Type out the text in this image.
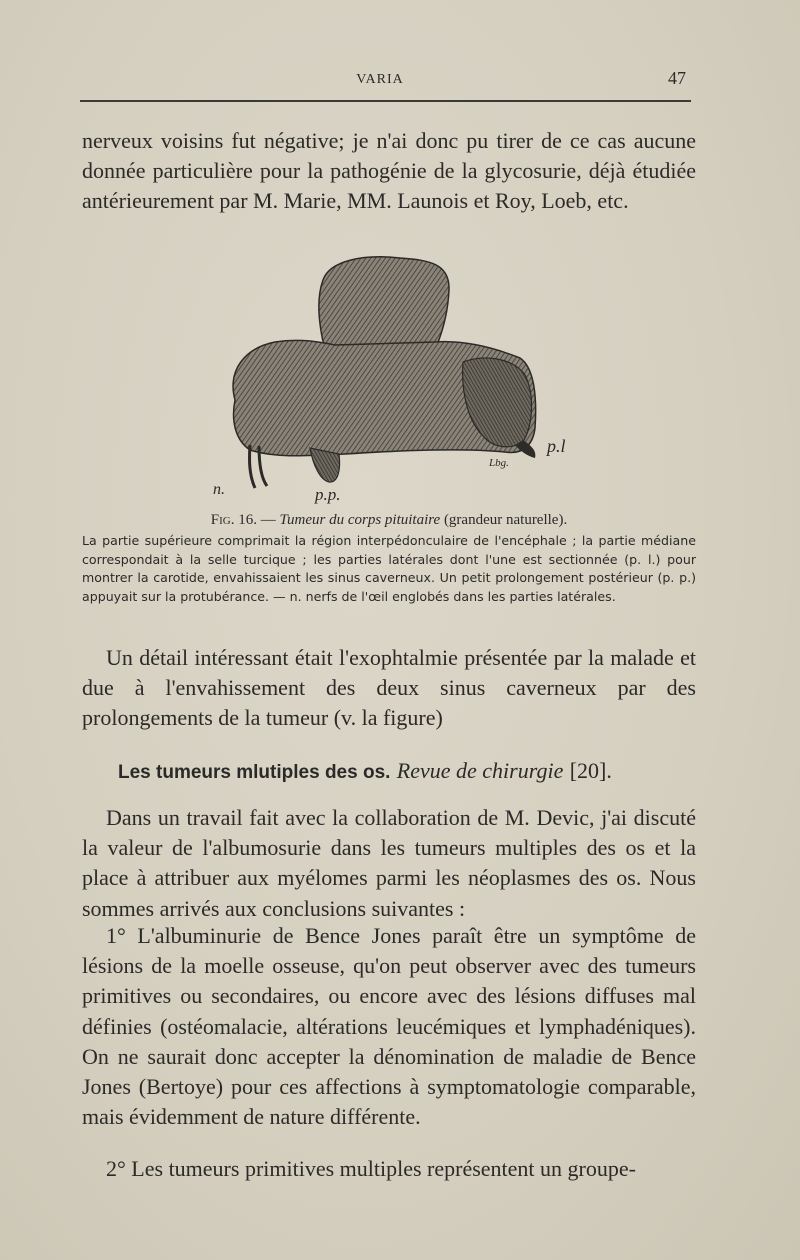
VARIA	47

nerveux voisins fut négative; je n'ai donc pu tirer de ce cas aucune donnée particulière pour la pathogénie de la glycosurie, déjà étudiée antérieurement par M. Marie, MM. Launois et Roy, Loeb, etc.

p.l
p.p.
n.
Lbg.

Fig. 16. — Tumeur du corps pituitaire (grandeur naturelle).

La partie supérieure comprimait la région interpédonculaire de l'encéphale ; la partie médiane correspondait à la selle turcique ; les parties latérales dont l'une est sectionnée (p. l.) pour montrer la carotide, envahissaient les sinus caverneux. Un petit prolongement postérieur (p. p.) appuyait sur la protubérance. — n. nerfs de l'œil englobés dans les parties latérales.

Un détail intéressant était l'exophtalmie présentée par la malade et due à l'envahissement des deux sinus caverneux par des prolongements de la tumeur (v. la figure)

Les tumeurs mlutiples des os. Revue de chirurgie [20].

Dans un travail fait avec la collaboration de M. Devic, j'ai discuté la valeur de l'albumosurie dans les tumeurs multiples des os et la place à attribuer aux myélomes parmi les néoplasmes des os. Nous sommes arrivés aux conclusions suivantes :

1° L'albuminurie de Bence Jones paraît être un symptôme de lésions de la moelle osseuse, qu'on peut observer avec des tumeurs primitives ou secondaires, ou encore avec des lésions diffuses mal définies (ostéomalacie, altérations leucémiques et lymphadéniques). On ne saurait donc accepter la dénomination de maladie de Bence Jones (Bertoye) pour ces affections à symptomatologie comparable, mais évidemment de nature différente.

2° Les tumeurs primitives multiples représentent un groupe-
